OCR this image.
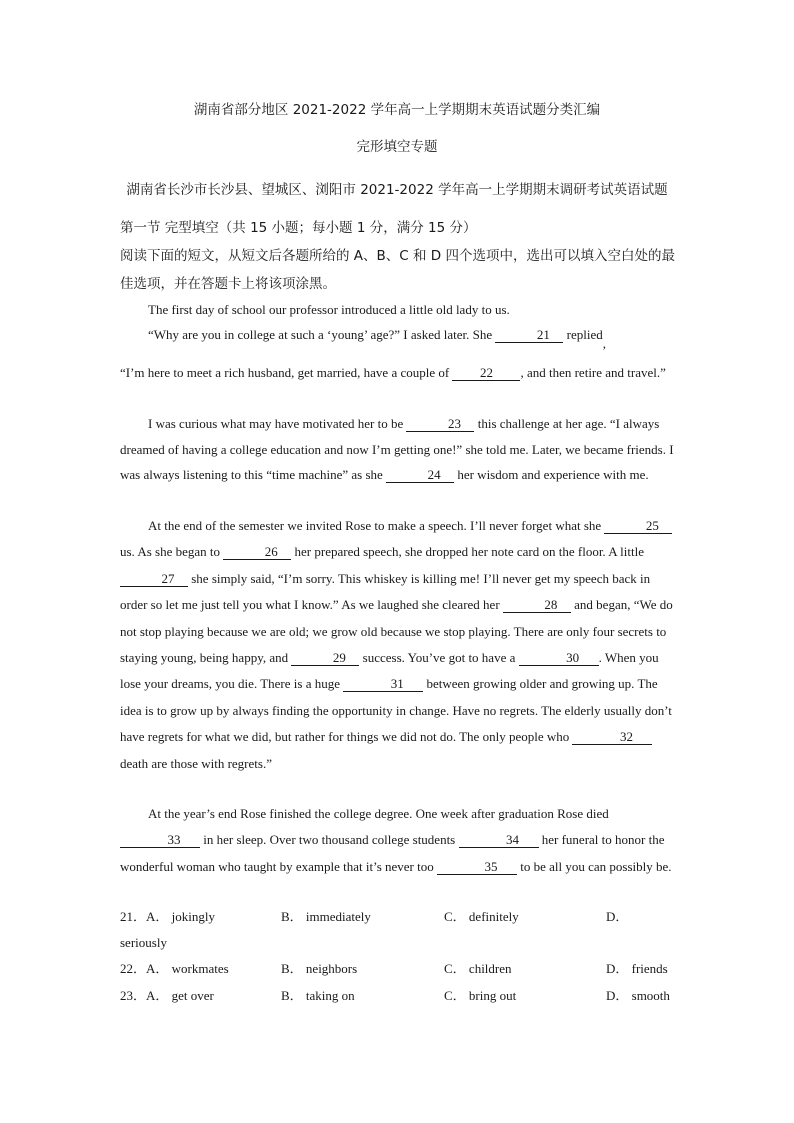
湖南省部分地区 2021-2022 学年高一上学期期末英语试题分类汇编
完形填空专题
湖南省长沙市长沙县、望城区、浏阳市 2021-2022 学年高一上学期期末调研考试英语试题
第一节 完型填空（共 15 小题；每小题 1 分，满分 15 分）
阅读下面的短文，从短文后各题所给的 A、B、C 和 D 四个选项中，选出可以填入空白处的最佳选项，并在答题卡上将该项涂黑。
The first day of school our professor introduced a little old lady to us.
“Why are you in college at such a ‘young’ age?” I asked later. She	21 replied,
“I’m here to meet a rich husband, get married, have a couple of 22 , and then retire and travel.”
I was curious what may have motivated her to be	23 this challenge at her age. “I always dreamed of having a college education and now I’m getting one!” she told me. Later, we became friends. I was always listening to this “time machine” as she	24 her wisdom and experience with me.
At the end of the semester we invited Rose to make a speech. I’ll never forget what she	25 us. As she began to	26 her prepared speech, she dropped her note card on the floor. A little 27 she simply said, “I’m sorry. This whiskey is killing me! I’ll never get my speech back in order so let me just tell you what I know.” As we laughed she cleared her	28 and began, “We do not stop playing because we are old; we grow old because we stop playing. There are only four secrets to staying young, being happy, and	29 success. You’ve got to have a	30 . When you lose your dreams, you die. There is a huge	31 between growing older and growing up. The idea is to grow up by always finding the opportunity in change. Have no regrets. The elderly usually don’t have regrets for what we did, but rather for things we did not do. The only people who	32 death are those with regrets.”
At the year’s end Rose finished the college degree. One week after graduation Rose died 33 in her sleep. Over two thousand college students	34 her funeral to honor the wonderful woman who taught by example that it’s never too	35 to be all you can possibly be.
21． A． jokingly	B． immediately	C． definitely	D．
seriously
22． A． workmates	B． neighbors	C． children	D． friends
23． A． get over	B． taking on	C． bring out	D． smooth
